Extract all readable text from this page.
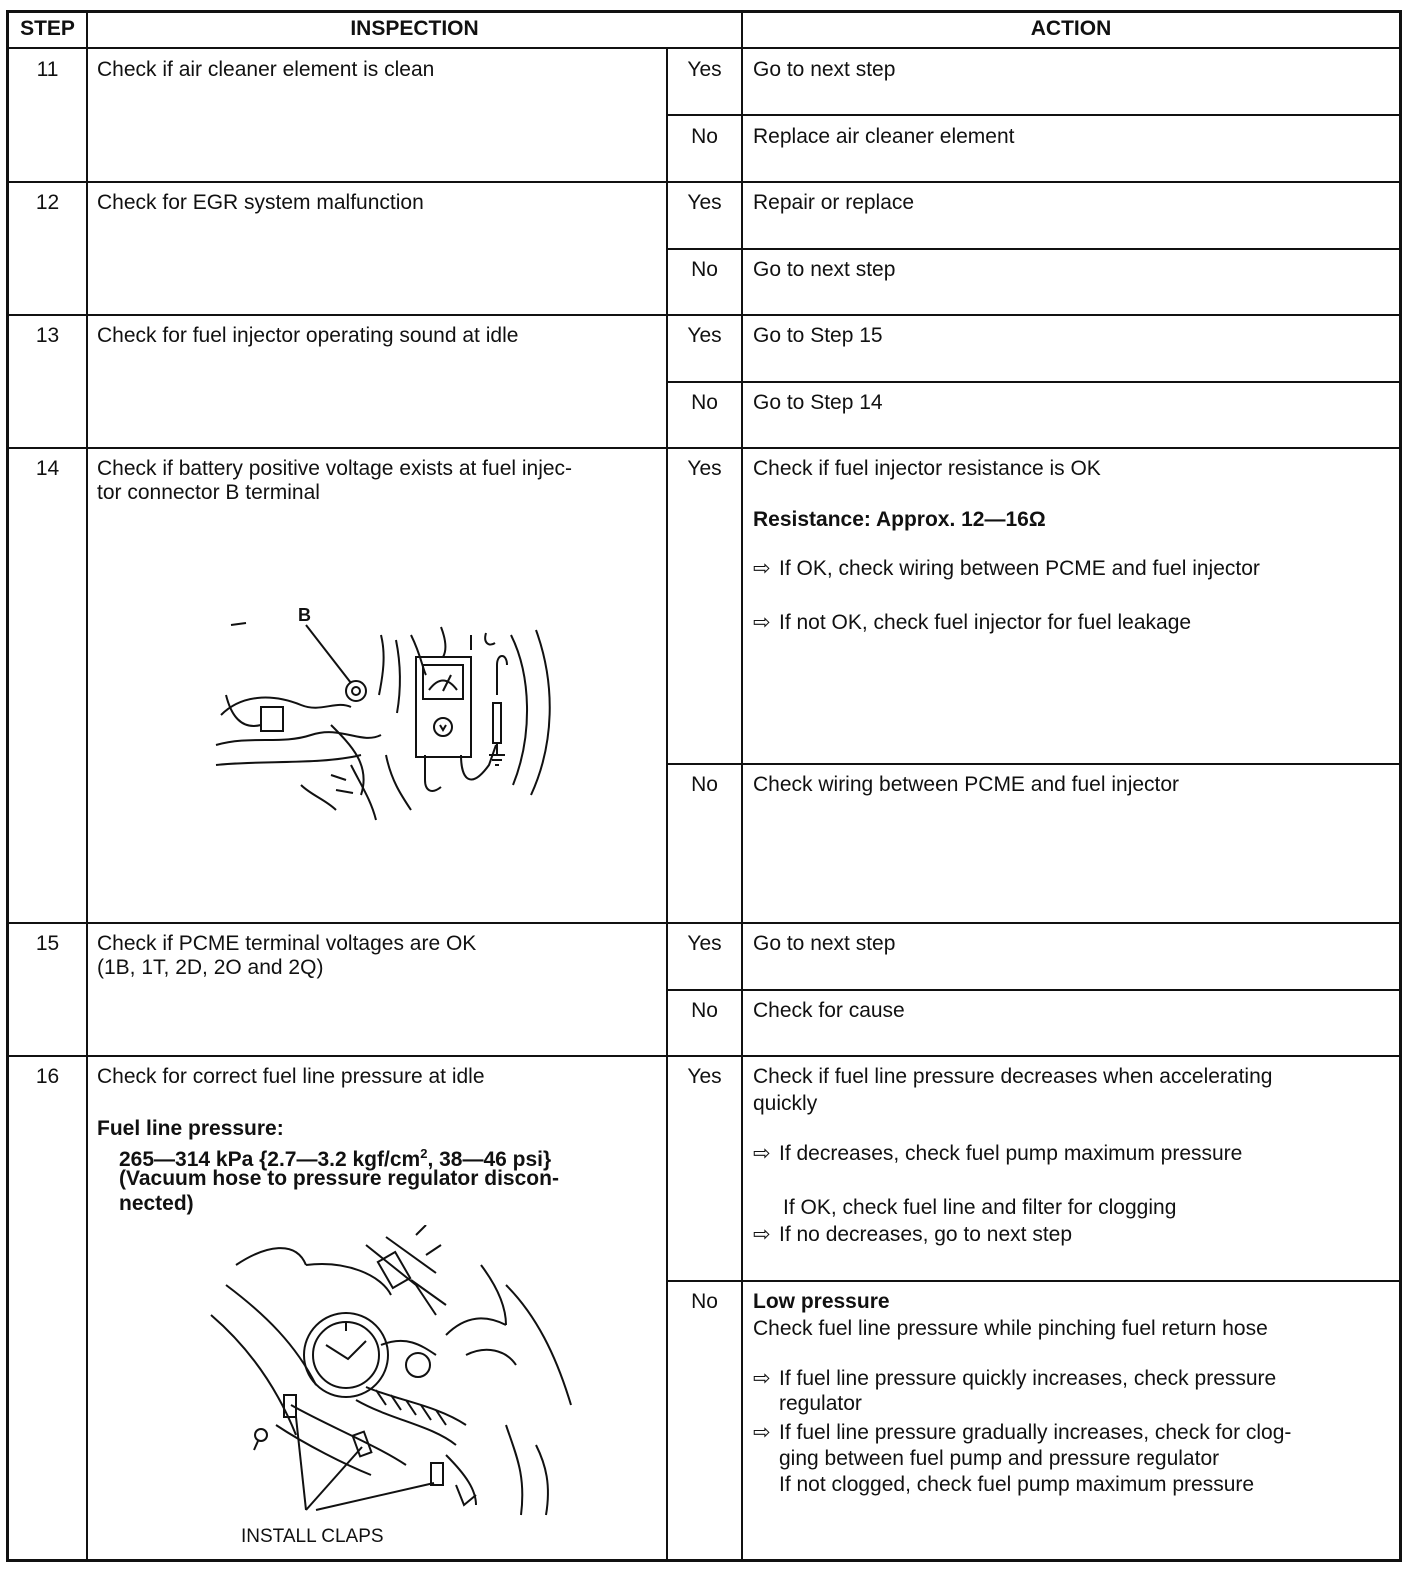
STEP	INSPECTION	ACTION
11	Check if air cleaner element is clean	Yes	Go to next step
No	Replace air cleaner element
12	Check for EGR system malfunction	Yes	Repair or replace
No	Go to next step
13	Check for fuel injector operating sound at idle	Yes	Go to Step 15
No	Go to Step 14
14	Check if battery positive voltage exists at fuel injec-
tor connector B terminal
B
Yes	Check if fuel injector resistance is OK
Resistance: Approx. 12—16Ω
⇨ If OK, check wiring between PCME and fuel injector
⇨ If not OK, check fuel injector for fuel leakage
No	Check wiring between PCME and fuel injector
15	Check if PCME terminal voltages are OK
(1B, 1T, 2D, 2O and 2Q)
Yes	Go to next step
No	Check for cause
16	Check for correct fuel line pressure at idle
Fuel line pressure:
265—314 kPa {2.7—3.2 kgf/$cm^2$, 38—46 psi}
(Vacuum hose to pressure regulator discon-
nected)
INSTALL CLAPS
Yes	Check if fuel line pressure decreases when accelerating
quickly
⇨ If decreases, check fuel pump maximum pressure
If OK, check fuel line and filter for clogging
⇨ If no decreases, go to next step
No	Low pressure
Check fuel line pressure while pinching fuel return hose
⇨ If fuel line pressure quickly increases, check pressure
regulator
⇨ If fuel line pressure gradually increases, check for clog-
ging between fuel pump and pressure regulator
If not clogged, check fuel pump maximum pressure
